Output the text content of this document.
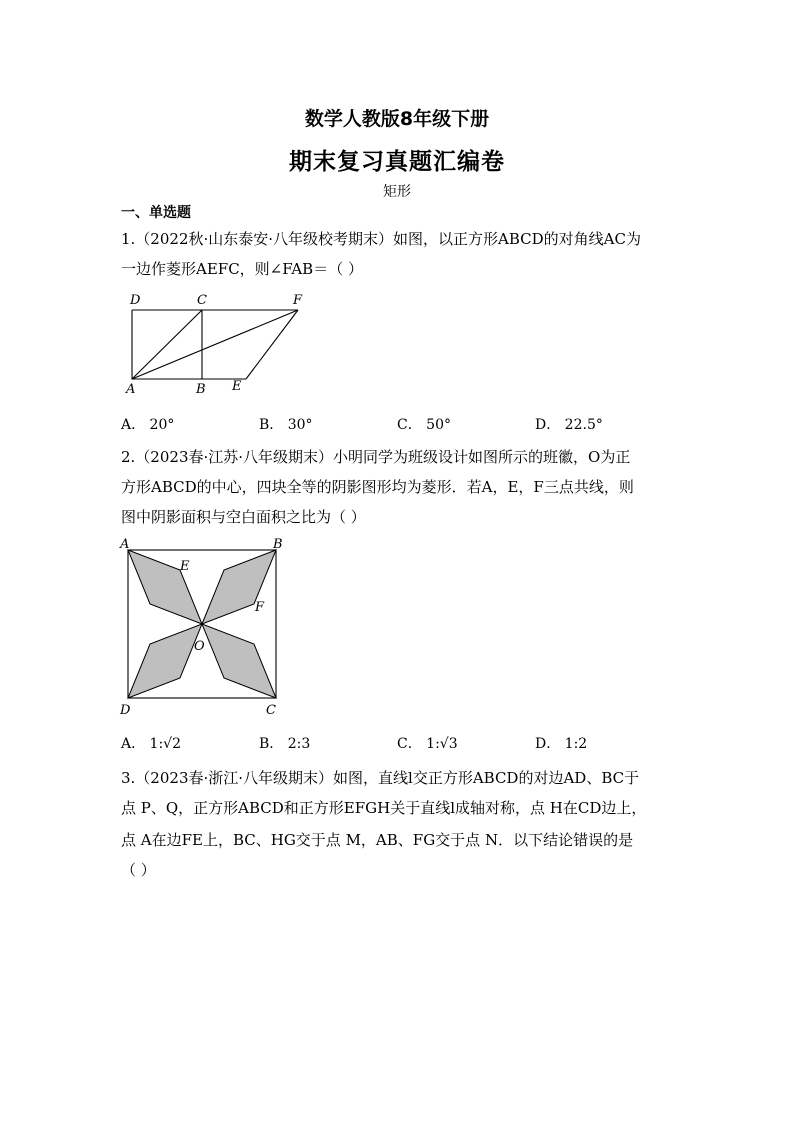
数学人教版8年级下册
期末复习真题汇编卷
矩形
一、单选题
1.（2022秋·山东泰安·八年级校考期末）如图，以正方形ABCD的对角线AC为
一边作菱形AEFC，则∠FAB＝（ ）
D	C	F
A	B E
A． 20°	B． 30°	C． 50°	D． 22.5°
2.（2023春·江苏·八年级期末）小明同学为班级设计如图所示的班徽，O为正
方形ABCD的中心，四块全等的阴影图形均为菱形．若A，E，F三点共线，则
图中阴影面积与空白面积之比为（ ）
A	B
E
F
O
D	C
A． 1:√2	B． 2:3	C． 1:√3	D． 1:2
3.（2023春·浙江·八年级期末）如图，直线l交正方形ABCD的对边AD、BC于
点 P、Q，正方形ABCD和正方形EFGH关于直线l成轴对称，点 H在CD边上，
点 A在边FE上，BC、HG交于点 M，AB、FG交于点 N．以下结论错误的是
（ ）
